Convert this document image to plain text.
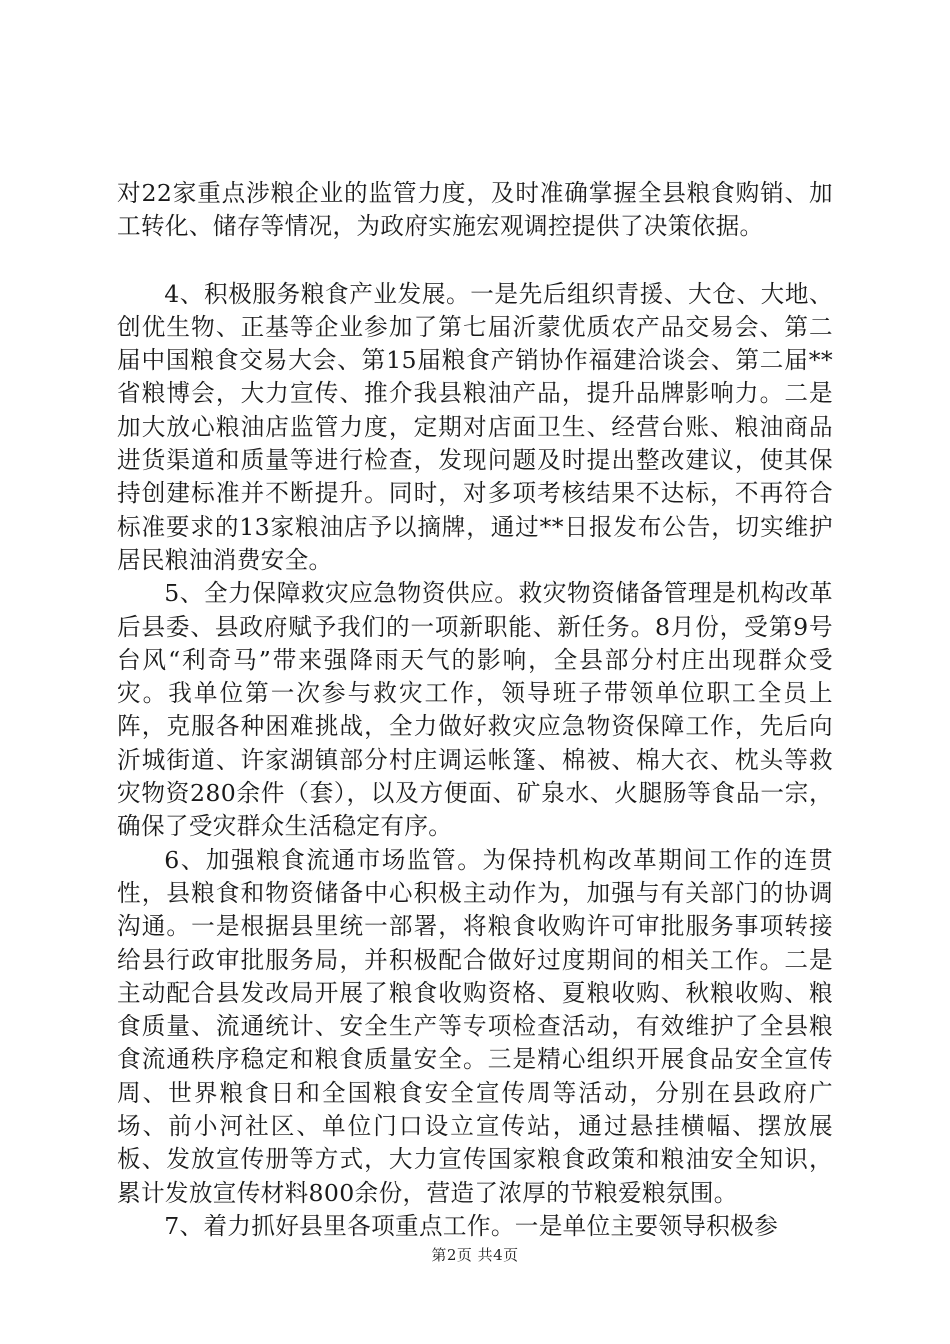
对22家重点涉粮企业的监管力度，及时准确掌握全县粮食购销、加工转化、储存等情况，为政府实施宏观调控提供了决策依据。

4、积极服务粮食产业发展。一是先后组织青援、大仓、大地、创优生物、正基等企业参加了第七届沂蒙优质农产品交易会、第二届中国粮食交易大会、第15届粮食产销协作福建洽谈会、第二届**省粮博会，大力宣传、推介我县粮油产品，提升品牌影响力。二是加大放心粮油店监管力度，定期对店面卫生、经营台账、粮油商品进货渠道和质量等进行检查，发现问题及时提出整改建议，使其保持创建标准并不断提升。同时，对多项考核结果不达标，不再符合标准要求的13家粮油店予以摘牌，通过**日报发布公告，切实维护居民粮油消费安全。

5、全力保障救灾应急物资供应。救灾物资储备管理是机构改革后县委、县政府赋予我们的一项新职能、新任务。8月份，受第9号台风“利奇马”带来强降雨天气的影响，全县部分村庄出现群众受灾。我单位第一次参与救灾工作，领导班子带领单位职工全员上阵，克服各种困难挑战，全力做好救灾应急物资保障工作，先后向沂城街道、许家湖镇部分村庄调运帐篷、棉被、棉大衣、枕头等救灾物资280余件（套），以及方便面、矿泉水、火腿肠等食品一宗，确保了受灾群众生活稳定有序。

6、加强粮食流通市场监管。为保持机构改革期间工作的连贯性，县粮食和物资储备中心积极主动作为，加强与有关部门的协调沟通。一是根据县里统一部署，将粮食收购许可审批服务事项转接给县行政审批服务局，并积极配合做好过度期间的相关工作。二是主动配合县发改局开展了粮食收购资格、夏粮收购、秋粮收购、粮食质量、流通统计、安全生产等专项检查活动，有效维护了全县粮食流通秩序稳定和粮食质量安全。三是精心组织开展食品安全宣传周、世界粮食日和全国粮食安全宣传周等活动，分别在县政府广场、前小河社区、单位门口设立宣传站，通过悬挂横幅、摆放展板、发放宣传册等方式，大力宣传国家粮食政策和粮油安全知识，累计发放宣传材料800余份，营造了浓厚的节粮爱粮氛围。

7、着力抓好县里各项重点工作。一是单位主要领导积极参

第2页 共4页
